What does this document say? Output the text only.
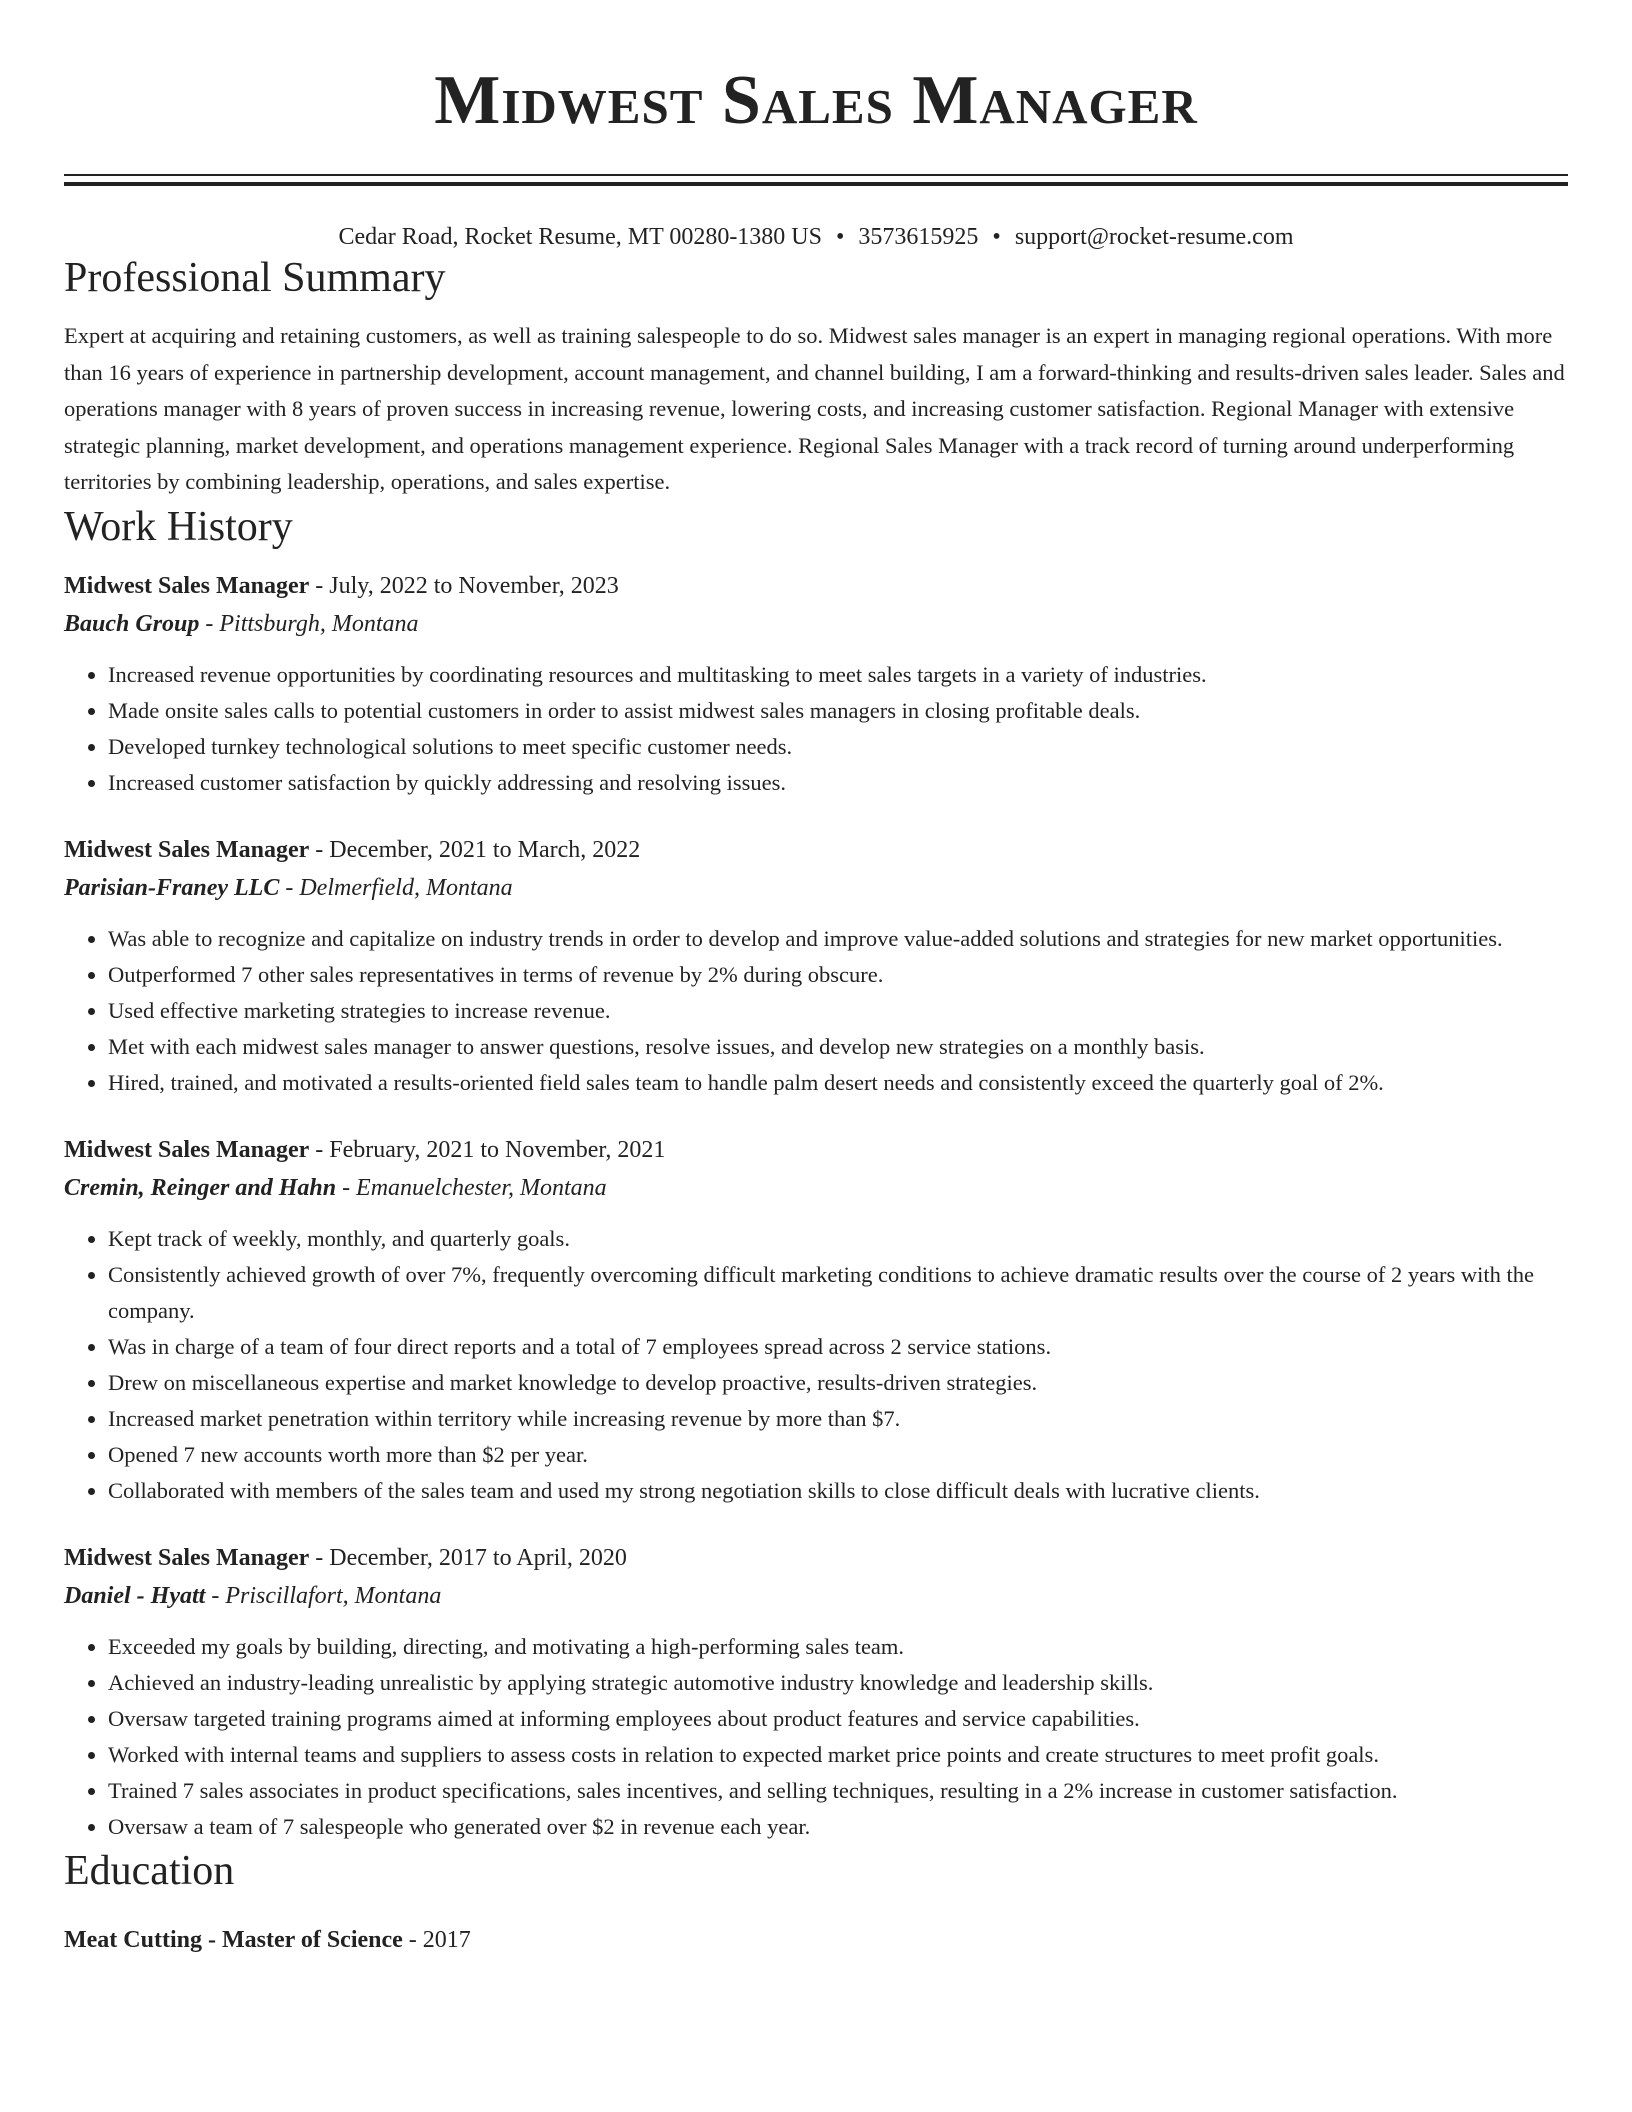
Midwest Sales Manager
Cedar Road, Rocket Resume, MT 00280-1380 US • 3573615925 • support@rocket-resume.com
Professional Summary

Expert at acquiring and retaining customers, as well as training salespeople to do so. Midwest sales manager is an expert in managing regional operations. With more than 16 years of experience in partnership development, account management, and channel building, I am a forward-thinking and results-driven sales leader. Sales and operations manager with 8 years of proven success in increasing revenue, lowering costs, and increasing customer satisfaction. Regional Manager with extensive strategic planning, market development, and operations management experience. Regional Sales Manager with a track record of turning around underperforming territories by combining leadership, operations, and sales expertise.

Work History
Midwest Sales Manager - July, 2022 to November, 2023
Bauch Group - Pittsburgh, Montana
• Increased revenue opportunities by coordinating resources and multitasking to meet sales targets in a variety of industries.
• Made onsite sales calls to potential customers in order to assist midwest sales managers in closing profitable deals.
• Developed turnkey technological solutions to meet specific customer needs.
• Increased customer satisfaction by quickly addressing and resolving issues.
Midwest Sales Manager - December, 2021 to March, 2022
Parisian-Franey LLC - Delmerfield, Montana
• Was able to recognize and capitalize on industry trends in order to develop and improve value-added solutions and strategies for new market opportunities.
• Outperformed 7 other sales representatives in terms of revenue by 2% during obscure.
• Used effective marketing strategies to increase revenue.
• Met with each midwest sales manager to answer questions, resolve issues, and develop new strategies on a monthly basis.
• Hired, trained, and motivated a results-oriented field sales team to handle palm desert needs and consistently exceed the quarterly goal of 2%.
Midwest Sales Manager - February, 2021 to November, 2021
Cremin, Reinger and Hahn - Emanuelchester, Montana
• Kept track of weekly, monthly, and quarterly goals.
• Consistently achieved growth of over 7%, frequently overcoming difficult marketing conditions to achieve dramatic results over the course of 2 years with the company.
• Was in charge of a team of four direct reports and a total of 7 employees spread across 2 service stations.
• Drew on miscellaneous expertise and market knowledge to develop proactive, results-driven strategies.
• Increased market penetration within territory while increasing revenue by more than $7.
• Opened 7 new accounts worth more than $2 per year.
• Collaborated with members of the sales team and used my strong negotiation skills to close difficult deals with lucrative clients.
Midwest Sales Manager - December, 2017 to April, 2020
Daniel - Hyatt - Priscillafort, Montana
• Exceeded my goals by building, directing, and motivating a high-performing sales team.
• Achieved an industry-leading unrealistic by applying strategic automotive industry knowledge and leadership skills.
• Oversaw targeted training programs aimed at informing employees about product features and service capabilities.
• Worked with internal teams and suppliers to assess costs in relation to expected market price points and create structures to meet profit goals.
• Trained 7 sales associates in product specifications, sales incentives, and selling techniques, resulting in a 2% increase in customer satisfaction.
• Oversaw a team of 7 salespeople who generated over $2 in revenue each year.
Education
Meat Cutting - Master of Science - 2017
